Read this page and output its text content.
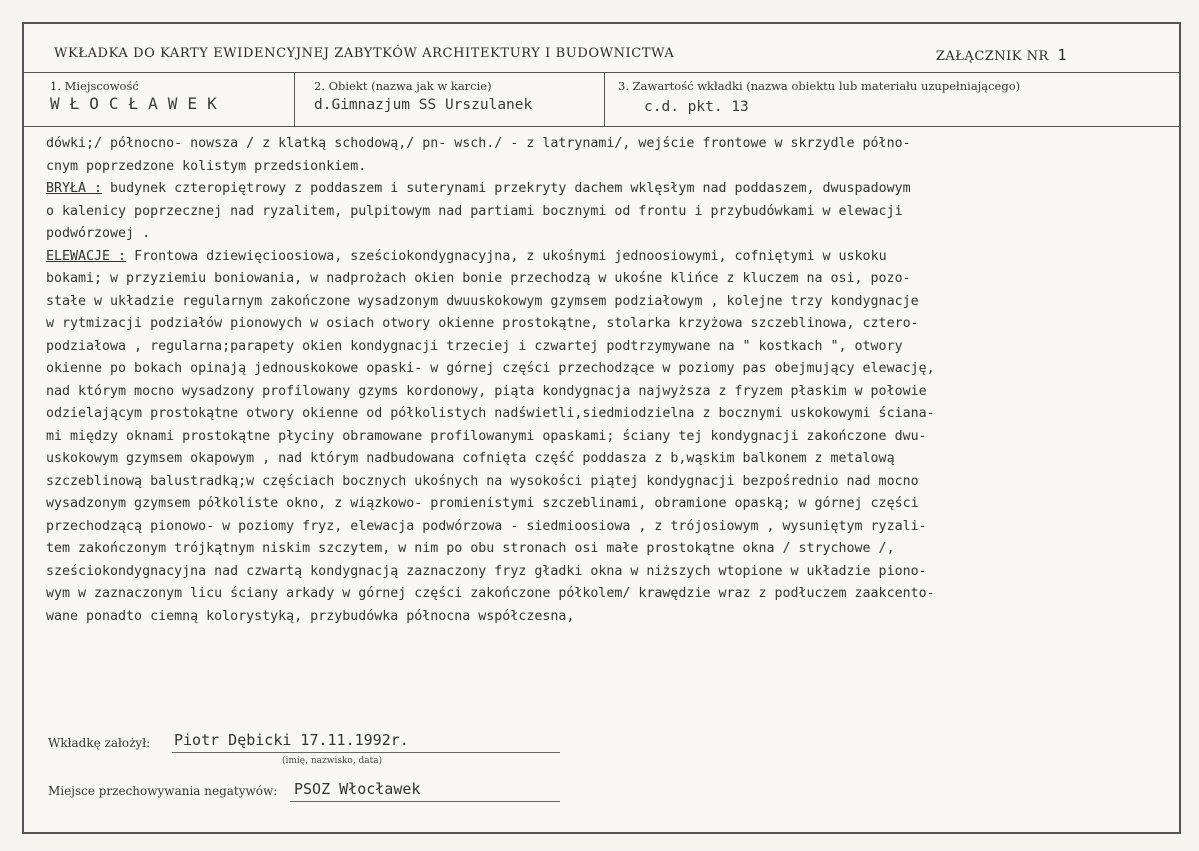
WKŁADKA DO KARTY EWIDENCYJNEJ ZABYTKÓW ARCHITEKTURY I BUDOWNICTWA	ZAŁĄCZNIK NR 1
1. Miejscowość
WŁOCŁAWEK
2. Obiekt (nazwa jak w karcie)
d.Gimnazjum SS Urszulanek
3. Zawartość wkładki (nazwa obiektu lub materiału uzupełniającego)
c.d. pkt. 13
dówki;/ północno- nowsza / z klatką schodową,/ pn- wsch./ - z latrynami/, wejście frontowe w skrzydle półno-
cnym poprzedzone kolistym przedsionkiem.
BRYŁA : budynek czteropiętrowy z poddaszem i suterynami przekryty dachem wklęsłym nad poddaszem, dwuspadowym
o kalenicy poprzecznej nad ryzalitem, pulpitowym nad partiami bocznymi od frontu i przybudówkami w elewacji
podwórzowej .
ELEWACJE : Frontowa dziewięcioosiowa, sześciokondygnacyjna, z ukośnymi jednoosiowymi, cofniętymi w uskoku
bokami; w przyziemiu boniowania, w nadprożach okien bonie przechodzą w ukośne klińce z kluczem na osi, pozo-
stałe w układzie regularnym zakończone wysadzonym dwuuskokowym gzymsem podziałowym , kolejne trzy kondygnacje
w rytmizacji podziałów pionowych w osiach otwory okienne prostokątne, stolarka krzyżowa szczeblinowa, cztero-
podziałowa , regularna;parapety okien kondygnacji trzeciej i czwartej podtrzymywane na " kostkach ", otwory
okienne po bokach opinają jednouskokowe opaski- w górnej części przechodzące w poziomy pas obejmujący elewację,
nad którym mocno wysadzony profilowany gzyms kordonowy, piąta kondygnacja najwyższa z fryzem płaskim w połowie
odzielającym prostokątne otwory okienne od półkolistych nadświetli,siedmiodzielna z bocznymi uskokowymi ściana-
mi między oknami prostokątne płyciny obramowane profilowanymi opaskami; ściany tej kondygnacji zakończone dwu-
uskokowym gzymsem okapowym , nad którym nadbudowana cofnięta część poddasza z b,wąskim balkonem z metalową
szczeblinową balustradką;w częściach bocznych ukośnych na wysokości piątej kondygnacji bezpośrednio nad mocno
wysadzonym gzymsem półkoliste okno, z wiązkowo- promienistymi szczeblinami, obramione opaską; w górnej części
przechodzącą pionowo- w poziomy fryz, elewacja podwórzowa - siedmioosiowa , z trójosiowym , wysuniętym ryzali-
tem zakończonym trójkątnym niskim szczytem, w nim po obu stronach osi małe prostokątne okna / strychowe /,
sześciokondygnacyjna nad czwartą kondygnacją zaznaczony fryz gładki okna w niższych wtopione w układzie piono-
wym w zaznaczonym licu ściany arkady w górnej części zakończone półkolem/ krawędzie wraz z podłuczem zaakcento-
wane ponadto ciemną kolorystyką, przybudówka północna współczesna,
Wkładkę założył: Piotr Dębicki 17.11.1992r.
(imię, nazwisko, data)
Miejsce przechowywania negatywów: PSOZ Włocławek
